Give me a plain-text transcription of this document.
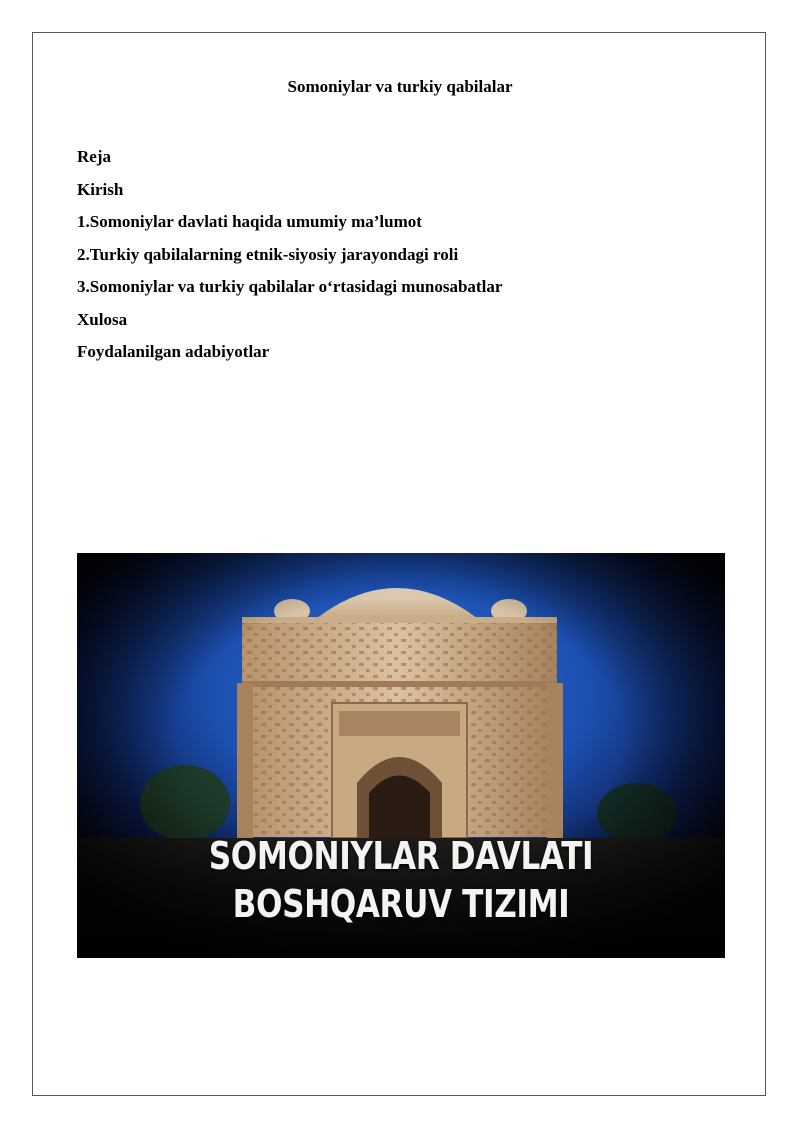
Somoniylar va turkiy qabilalar
Reja
Kirish
1.Somoniylar davlati haqida umumiy ma’lumot
2.Turkiy qabilalarning etnik-siyosiy jarayondagi roli
3.Somoniylar va turkiy qabilalar o‘rtasidagi munosabatlar
Xulosa
Foydalanilgan adabiyotlar
SOMONIYLAR DAVLATI
BOSHQARUV TIZIMI
